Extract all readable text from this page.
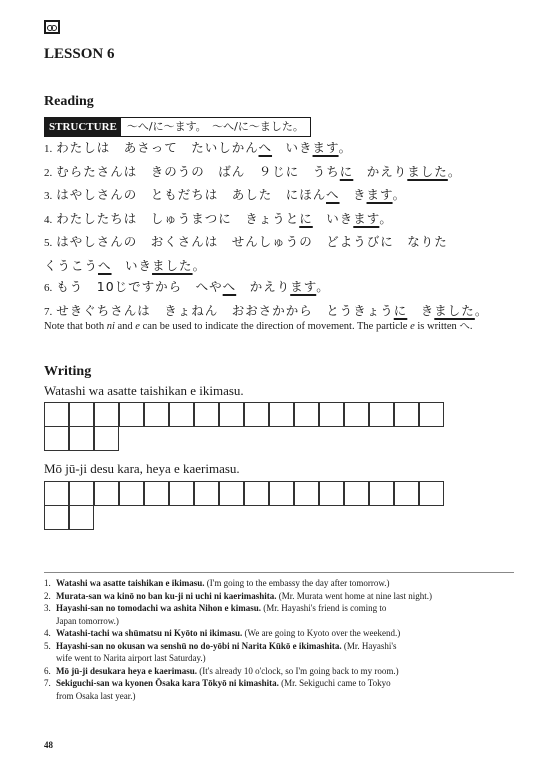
LESSON 6
Reading
STRUCTURE 〜へ/に〜ます。　〜へ/に〜ました。
1. わたしは　あさって　たいしかんへ　いきます。
2. むらたさんは　きのうの　ばん　９じに　うちに　かえりました。
3. はやしさんの　ともだちは　あした　にほんへ　きます。
4. わたしたちは　しゅうまつに　きょうとに　いきます。
5. はやしさんの　おくさんは　せんしゅうの　どようびに　なりた
くうこうへ　いきました。
6. もう　10じですから　へやへ　かえります。
7. せきぐちさんは　きょねん　おおさかから　とうきょうに　きました。
Note that both ni and e can be used to indicate the direction of movement. The particle e is written へ.
Writing
Watashi wa asatte taishikan e ikimasu.
Mō jū-ji desu kara, heya e kaerimasu.
1. Watashi wa asatte taishikan e ikimasu. (I'm going to the embassy the day after tomorrow.)
2. Murata-san wa kinō no ban ku-ji ni uchi ni kaerimashita. (Mr. Murata went home at nine last night.)
3. Hayashi-san no tomodachi wa ashita Nihon e kimasu. (Mr. Hayashi's friend is coming to
Japan tomorrow.)
4. Watashi-tachi wa shūmatsu ni Kyōto ni ikimasu. (We are going to Kyoto over the weekend.)
5. Hayashi-san no okusan wa senshū no do-yōbi ni Narita Kūkō e ikimashita. (Mr. Hayashi's
wife went to Narita airport last Saturday.)
6. Mō jū-ji desukara heya e kaerimasu. (It's already 10 o'clock, so I'm going back to my room.)
7. Sekiguchi-san wa kyonen Ōsaka kara Tōkyō ni kimashita. (Mr. Sekiguchi came to Tokyo
from Osaka last year.)
48
